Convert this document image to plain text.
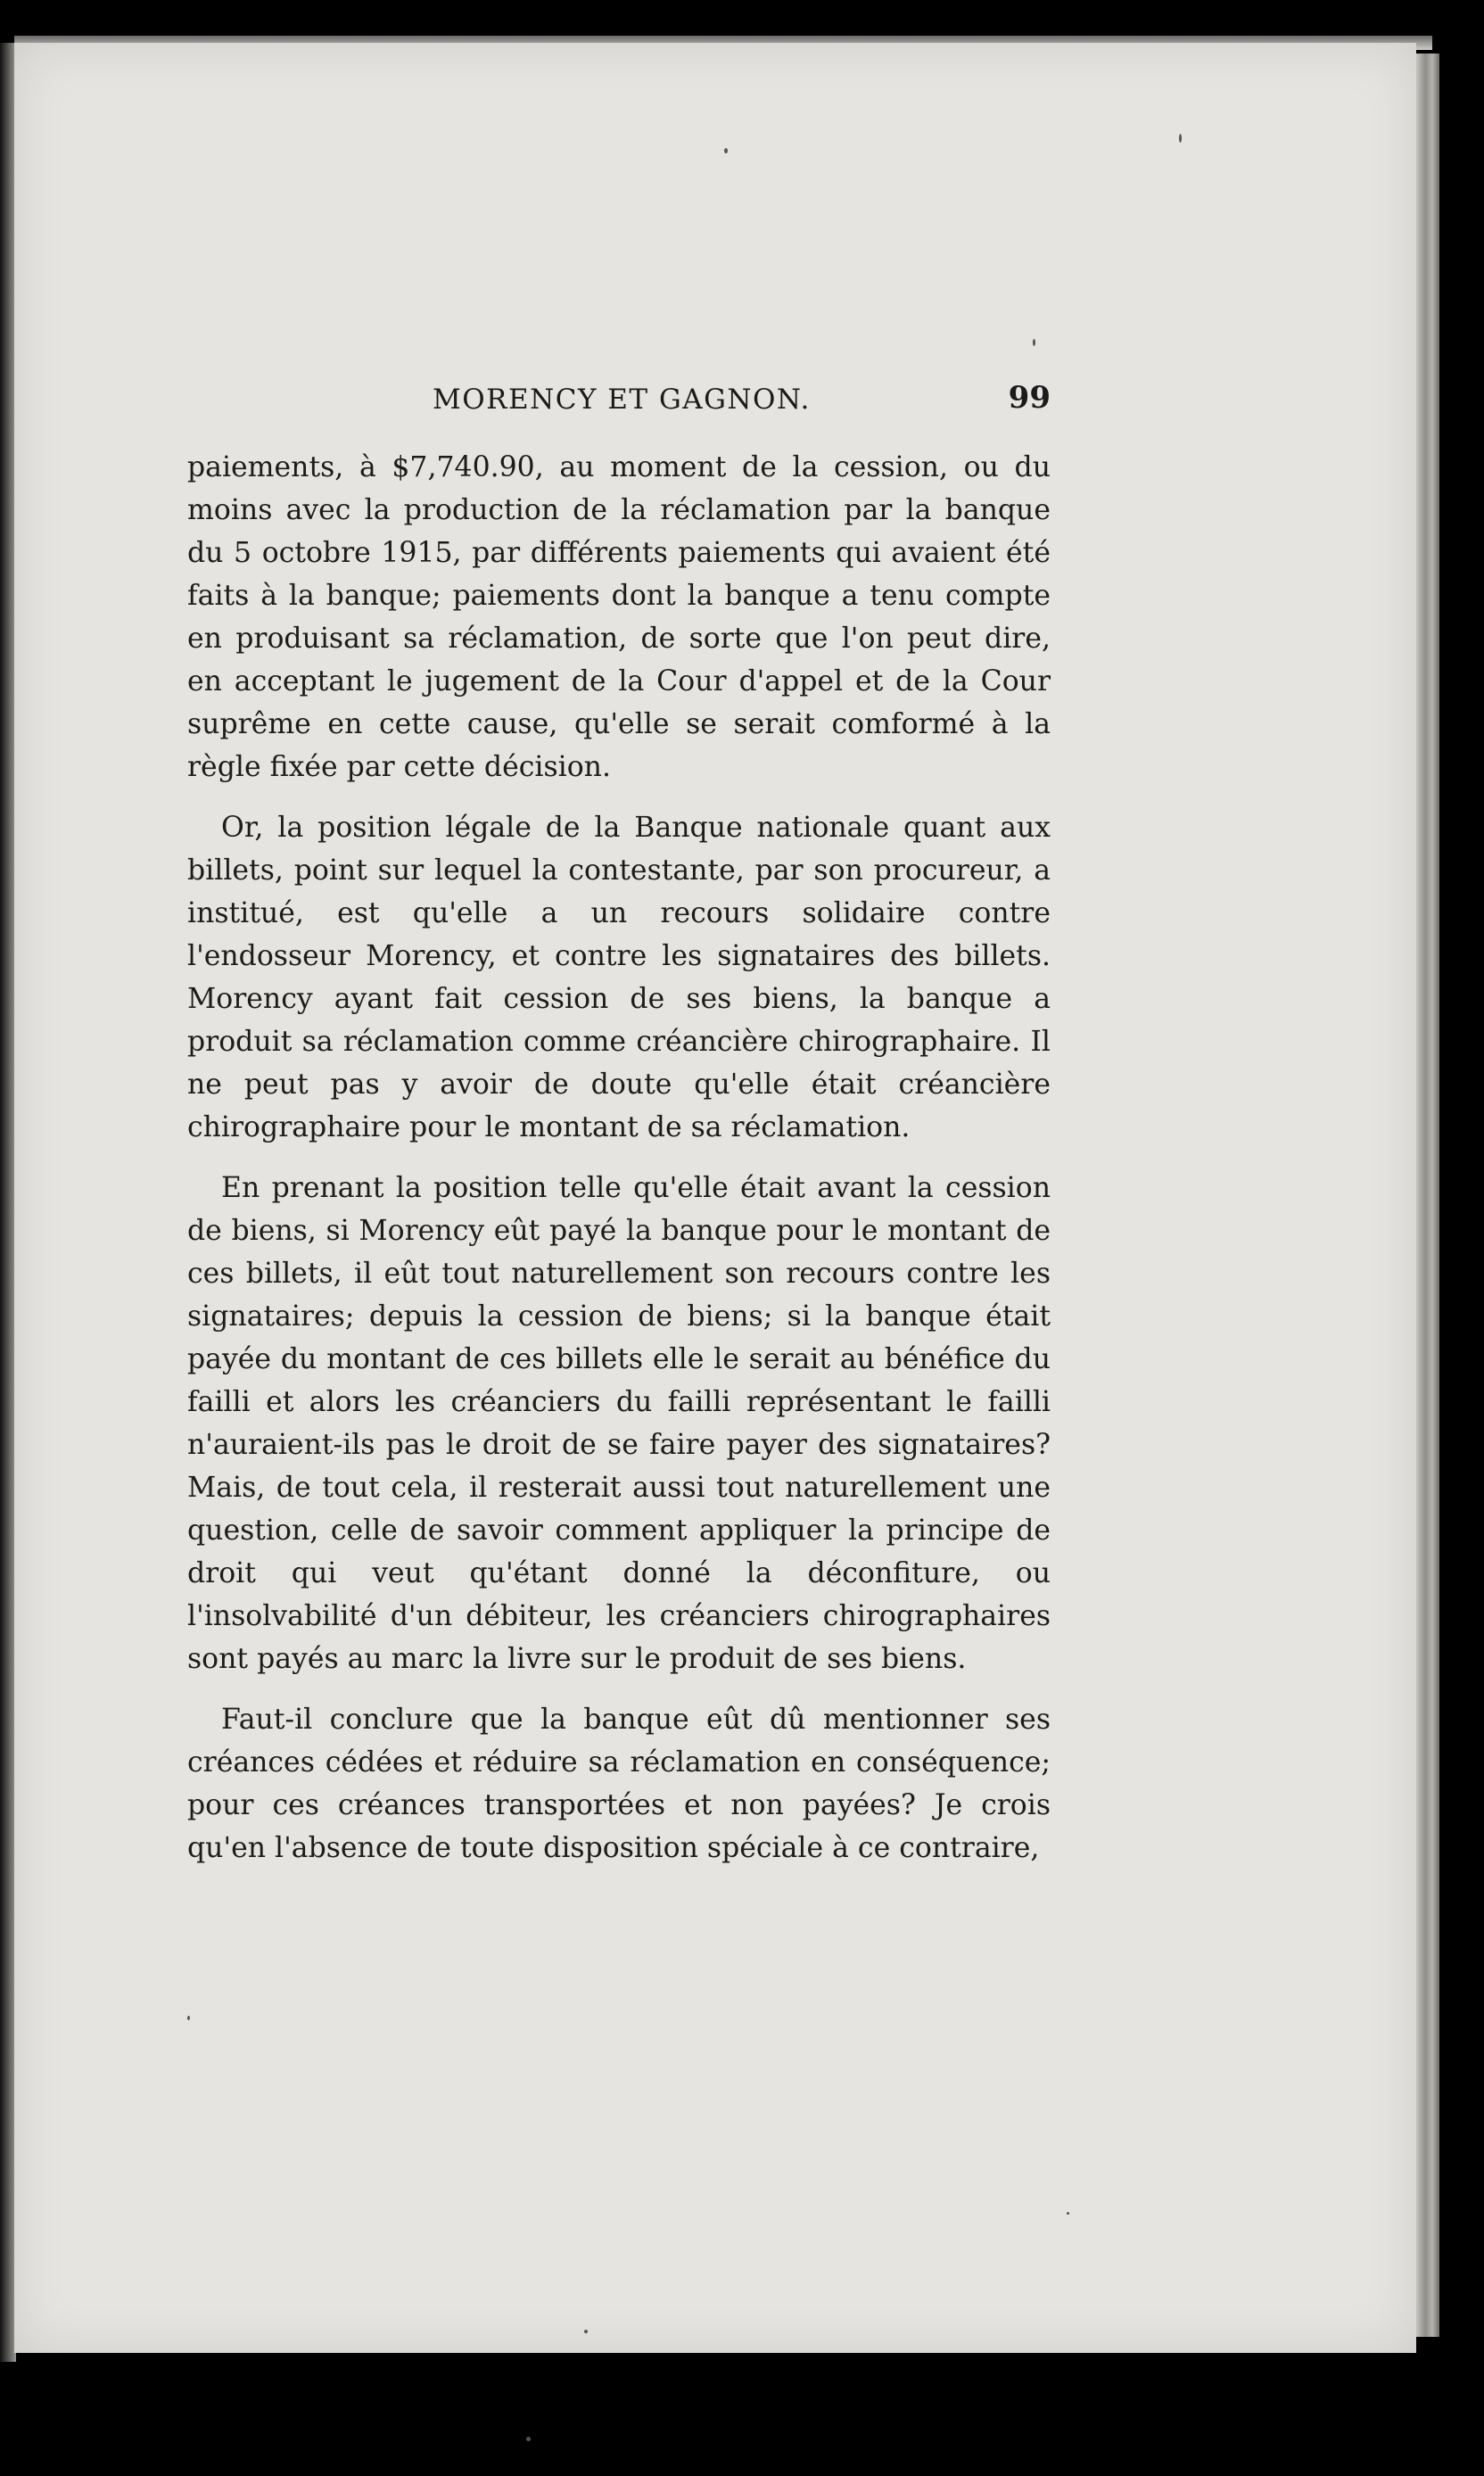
MORENCY ET GAGNON.	99

paiements, à $7,740.90, au moment de la cession, ou du moins avec la production de la réclamation par la banque du 5 octobre 1915, par différents paiements qui avaient été faits à la banque; paiements dont la banque a tenu compte en produisant sa réclamation, de sorte que l'on peut dire, en acceptant le jugement de la Cour d'appel et de la Cour suprême en cette cause, qu'elle se serait comformé à la règle fixée par cette décision.

Or, la position légale de la Banque nationale quant aux billets, point sur lequel la contestante, par son procureur, a institué, est qu'elle a un recours solidaire contre l'endosseur Morency, et contre les signataires des billets. Morency ayant fait cession de ses biens, la banque a produit sa réclamation comme créancière chirographaire. Il ne peut pas y avoir de doute qu'elle était créancière chirographaire pour le montant de sa réclamation.

En prenant la position telle qu'elle était avant la cession de biens, si Morency eût payé la banque pour le montant de ces billets, il eût tout naturellement son recours contre les signataires; depuis la cession de biens; si la banque était payée du montant de ces billets elle le serait au bénéfice du failli et alors les créanciers du failli représentant le failli n'auraient-ils pas le droit de se faire payer des signataires? Mais, de tout cela, il resterait aussi tout naturellement une question, celle de savoir comment appliquer la principe de droit qui veut qu'étant donné la déconfiture, ou l'insolvabilité d'un débiteur, les créanciers chirographaires sont payés au marc la livre sur le produit de ses biens.

Faut-il conclure que la banque eût dû mentionner ses créances cédées et réduire sa réclamation en conséquence; pour ces créances transportées et non payées? Je crois qu'en l'absence de toute disposition spéciale à ce contraire,
